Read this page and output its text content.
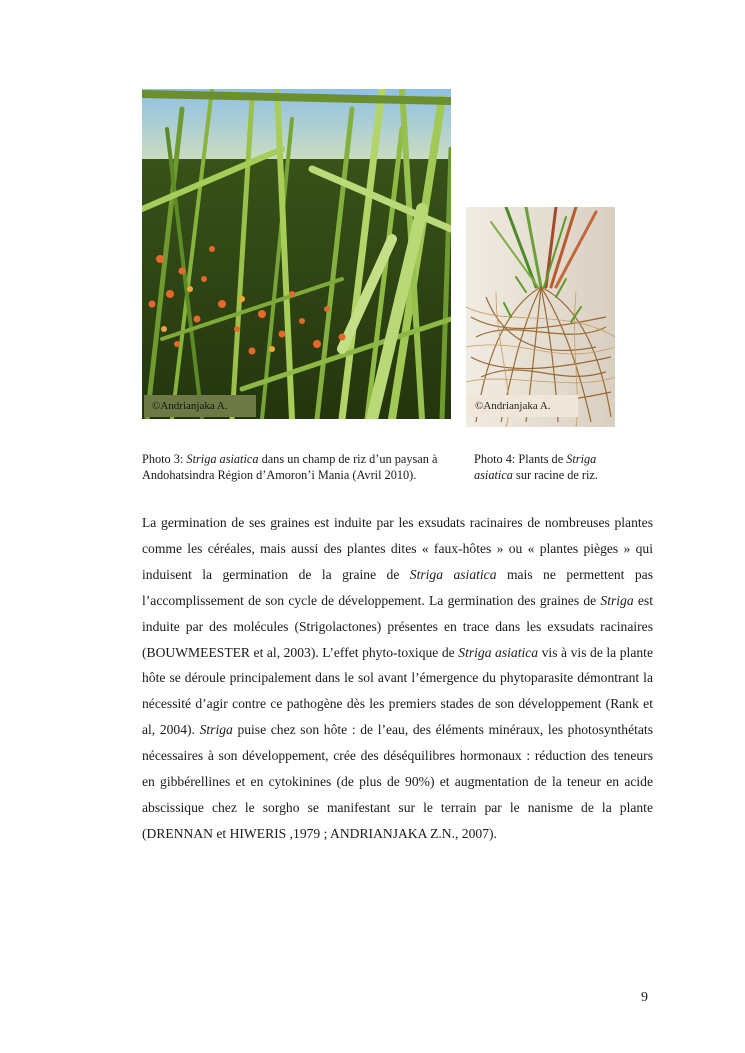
©Andrianjaka A.	©Andrianjaka A.
Photo 3: Striga asiatica dans un champ de riz d’un paysan à Andohatsindra Région d’Amoron’i Mania (Avril 2010).
Photo 4: Plants de Striga asiatica sur racine de riz.

La germination de ses graines est induite par les exsudats racinaires de nombreuses plantes comme les céréales, mais aussi des plantes dites « faux-hôtes » ou « plantes pièges » qui induisent la germination de la graine de Striga asiatica mais ne permettent pas l’accomplissement de son cycle de développement. La germination des graines de Striga est induite par des molécules (Strigolactones) présentes en trace dans les exsudats racinaires (BOUWMEESTER et al, 2003). L’effet phyto-toxique de Striga asiatica vis à vis de la plante hôte se déroule principalement dans le sol avant l’émergence du phytoparasite démontrant la nécessité d’agir contre ce pathogène dès les premiers stades de son développement (Rank et al, 2004). Striga puise chez son hôte : de l’eau, des éléments minéraux, les photosynthétats nécessaires à son développement, crée des déséquilibres hormonaux : réduction des teneurs en gibbérellines et en cytokinines (de plus de 90%) et augmentation de la teneur en acide abscissique chez le sorgho se manifestant sur le terrain par le nanisme de la plante (DRENNAN et HIWERIS ,1979 ; ANDRIANJAKA Z.N., 2007).

9
